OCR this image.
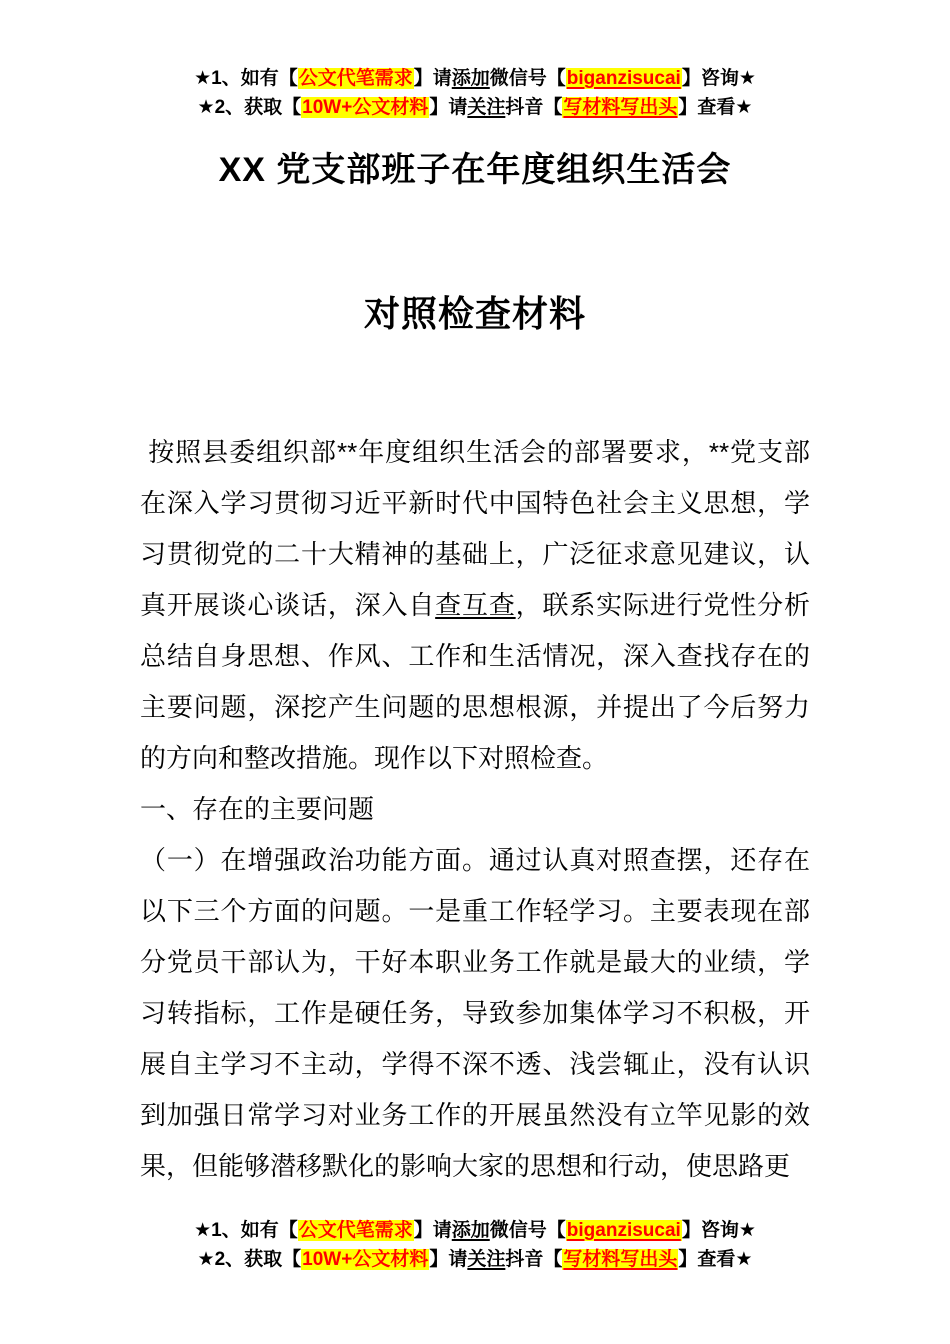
★1、如有【公文代笔需求】请添加微信号【biganzisucai】咨询★
★2、获取【10W+公文材料】请关注抖音【写材料写出头】查看★
XX 党支部班子在年度组织生活会
对照检查材料

按照县委组织部**年度组织生活会的部署要求，**党支部在深入学习贯彻习近平新时代中国特色社会主义思想，学习贯彻党的二十大精神的基础上，广泛征求意见建议，认真开展谈心谈话，深入自查互查，联系实际进行党性分析总结自身思想、作风、工作和生活情况，深入查找存在的主要问题，深挖产生问题的思想根源，并提出了今后努力的方向和整改措施。现作以下对照检查。

一、存在的主要问题

（一）在增强政治功能方面。通过认真对照查摆，还存在以下三个方面的问题。一是重工作轻学习。主要表现在部分党员干部认为，干好本职业务工作就是最大的业绩，学习转指标，工作是硬任务，导致参加集体学习不积极，开展自主学习不主动，学得不深不透、浅尝辄止，没有认识到加强日常学习对业务工作的开展虽然没有立竿见影的效果，但能够潜移默化的影响大家的思想和行动，使思路更

★1、如有【公文代笔需求】请添加微信号【biganzisucai】咨询★
★2、获取【10W+公文材料】请关注抖音【写材料写出头】查看★
